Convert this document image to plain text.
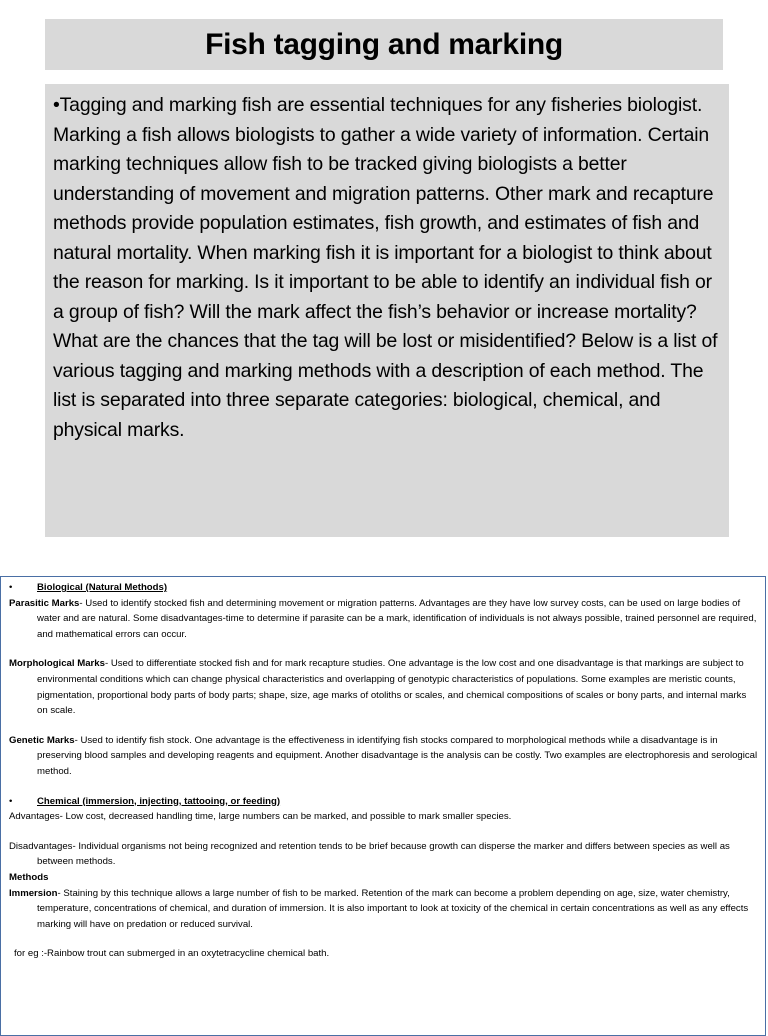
Fish tagging and marking

•Tagging and marking fish are essential techniques for any fisheries biologist. Marking a fish allows biologists to gather a wide variety of information. Certain marking techniques allow fish to be tracked giving biologists a better understanding of movement and migration patterns. Other mark and recapture methods provide population estimates, fish growth, and estimates of fish and natural mortality. When marking fish it is important for a biologist to think about the reason for marking. Is it important to be able to identify an individual fish or a group of fish? Will the mark affect the fish’s behavior or increase mortality? What are the chances that the tag will be lost or misidentified? Below is a list of various tagging and marking methods with a description of each method. The list is separated into three separate categories: biological, chemical, and physical marks.

•	Biological (Natural Methods)

Parasitic Marks- Used to identify stocked fish and determining movement or migration patterns. Advantages are they have low survey costs, can be used on large bodies of water and are natural. Some disadvantages-time to determine if parasite can be a mark, identification of individuals is not always possible, trained personnel are required, and mathematical errors can occur.

Morphological Marks- Used to differentiate stocked fish and for mark recapture studies. One advantage is the low cost and one disadvantage is that markings are subject to environmental conditions which can change physical characteristics and overlapping of genotypic characteristics of populations. Some examples are meristic counts, pigmentation, proportional body parts of body parts; shape, size, age marks of otoliths or scales, and chemical compositions of scales or bony parts, and internal marks on scale.

Genetic Marks- Used to identify fish stock. One advantage is the effectiveness in identifying fish stocks compared to morphological methods while a disadvantage is in preserving blood samples and developing reagents and equipment. Another disadvantage is the analysis can be costly. Two examples are electrophoresis and serological method.

•	Chemical (immersion, injecting, tattooing, or feeding)

Advantages- Low cost, decreased handling time, large numbers can be marked, and possible to mark smaller species.

Disadvantages- Individual organisms not being recognized and retention tends to be brief because growth can disperse the marker and differs between species as well as between methods.

Methods

Immersion- Staining by this technique allows a large number of fish to be marked. Retention of the mark can become a problem depending on age, size, water chemistry, temperature, concentrations of chemical, and duration of immersion. It is also important to look at toxicity of the chemical in certain concentrations as well as any effects marking will have on predation or reduced survival.

for eg :-Rainbow trout can submerged in an oxytetracycline chemical bath.
